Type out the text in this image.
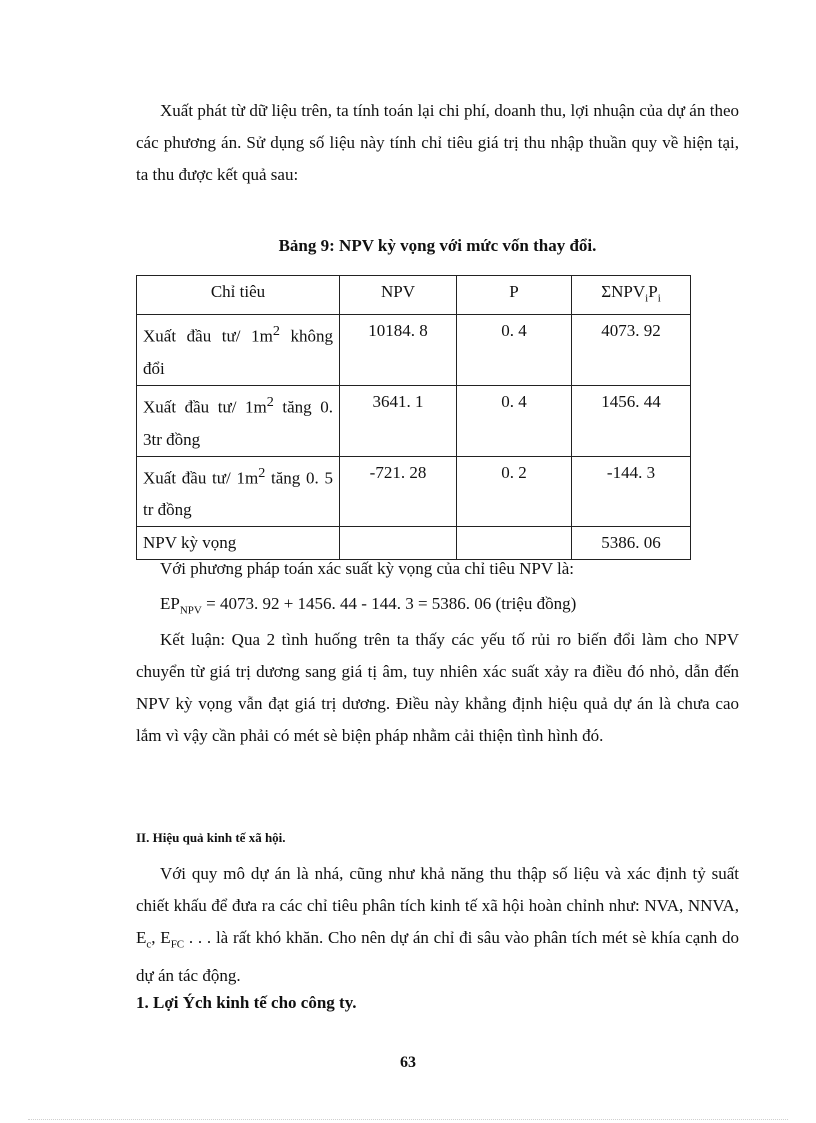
Xuất phát từ dữ liệu trên, ta tính toán lại chi phí, doanh thu, lợi nhuận của dự án theo các phương án. Sử dụng số liệu này tính chỉ tiêu giá trị thu nhập thuần quy về hiện tại, ta thu được kết quả sau:

Bảng 9: NPV kỳ vọng với mức vốn thay đổi.

Chỉ tiêu	NPV	P	$\Sigma NPV_iP_i$
Xuất đầu tư/ $1m^2$ không đổi	10184. 8	0. 4	4073. 92
Xuất đầu tư/ $1m^2$ tăng 0. 3tr đồng	3641. 1	0. 4	1456. 44
Xuất đầu tư/ $1m^2$ tăng 0. 5 tr đồng	-721. 28	0. 2	-144. 3
NPV kỳ vọng			5386. 06

Với phương pháp toán xác suất kỳ vọng của chỉ tiêu NPV là:

$EP_{NPV} = 4073$. 92 + 1456. 44 - 144. 3 = 5386. 06 (triệu đồng)

Kết luận: Qua 2 tình huống trên ta thấy các yếu tố rủi ro biến đổi làm cho NPV chuyển từ giá trị dương sang giá tị âm, tuy nhiên xác suất xảy ra điều đó nhỏ, dẫn đến NPV kỳ vọng vẫn đạt giá trị dương. Điều này khẳng định hiệu quả dự án là chưa cao lắm vì vậy cần phải có mét sè biện pháp nhằm cải thiện tình hình đó.

II. Hiệu quả kinh tế xã hội.

Với quy mô dự án là nhá, cũng như khả năng thu thập số liệu và xác định tỷ suất chiết khấu để đưa ra các chỉ tiêu phân tích kinh tế xã hội hoàn chỉnh như: NVA, NNVA, $E_c$, $E_{FC}$ . . . là rất khó khăn. Cho nên dự án chỉ đi sâu vào phân tích mét sè khía cạnh do dự án tác động.

1. Lợi Ých kinh tế cho công ty.

63
